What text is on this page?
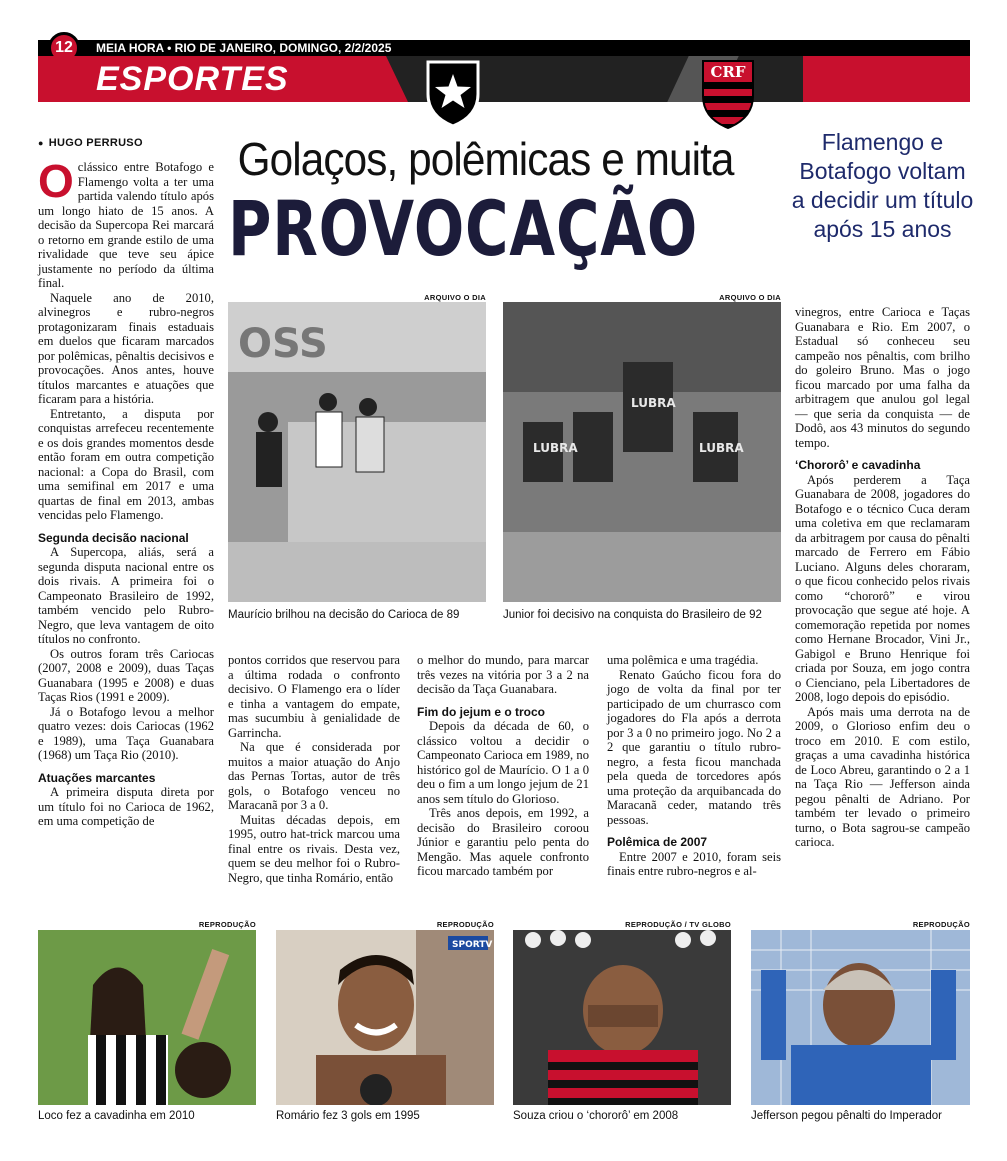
12	MEIA HORA • RIO DE JANEIRO, DOMINGO, 2/2/2025
ESPORTES	CRF
● HUGO PERRUSO Golaços, polêmicas e muita
PROVOCAÇÃO
Flamengo e Botafogo voltam a decidir um título após 15 anos

Oclássico entre Botafogo e Flamengo volta a ter uma partida valendo título após um longo hiato de 15 anos. A decisão da Supercopa Rei marcará o retorno em grande estilo de uma rivalidade que teve seu ápice justamente no período da última final.

Naquele ano de 2010, alvinegros e rubro-negros protagonizaram finais estaduais em duelos que ficaram marcados por polêmicas, pênaltis decisivos e provocações. Anos antes, houve títulos marcantes e atuações que ficaram para a história.

Entretanto, a disputa por conquistas arrefeceu recentemente e os dois grandes momentos desde então foram em outra competição nacional: a Copa do Brasil, com uma semifinal em 2017 e uma quartas de final em 2013, ambas vencidas pelo Flamengo.

Segunda decisão nacional

A Supercopa, aliás, será a segunda disputa nacional entre os dois rivais. A primeira foi o Campeonato Brasileiro de 1992, também vencido pelo Rubro-Negro, que leva vantagem de oito títulos no confronto.

Os outros foram três Cariocas (2007, 2008 e 2009), duas Taças Guanabara (1995 e 2008) e duas Taças Rios (1991 e 2009).

Já o Botafogo levou a melhor quatro vezes: dois Cariocas (1962 e 1989), uma Taça Guanabara (1968) um Taça Rio (2010).

Atuações marcantes

A primeira disputa direta por um título foi no Carioca de 1962, em uma competição de

ARQUIVO O DIA
OSS
Maurício brilhou na decisão do Carioca de 89
ARQUIVO O DIA
LUBRA
LUBRA
LUBRA
Junior foi decisivo na conquista do Brasileiro de 92

pontos corridos que reservou para a última rodada o confronto decisivo. O Flamengo era o líder e tinha a vantagem do empate, mas sucumbiu à genialidade de Garrincha.

Na que é considerada por muitos a maior atuação do Anjo das Pernas Tortas, autor de três gols, o Botafogo venceu no Maracanã por 3 a 0.

Muitas décadas depois, em 1995, outro hat-trick marcou uma final entre os rivais. Desta vez, quem se deu melhor foi o Rubro-Negro, que tinha Romário, então

o melhor do mundo, para marcar três vezes na vitória por 3 a 2 na decisão da Taça Guanabara.

Fim do jejum e o troco

Depois da década de 60, o clássico voltou a decidir o Campeonato Carioca em 1989, no histórico gol de Maurício. O 1 a 0 deu o fim a um longo jejum de 21 anos sem título do Glorioso.

Três anos depois, em 1992, a decisão do Brasileiro coroou Júnior e garantiu pelo penta do Mengão. Mas aquele confronto ficou marcado também por

uma polêmica e uma tragédia.

Renato Gaúcho ficou fora do jogo de volta da final por ter participado de um churrasco com jogadores do Fla após a derrota por 3 a 0 no primeiro jogo. No 2 a 2 que garantiu o título rubro-negro, a festa ficou manchada pela queda de torcedores após uma proteção da arquibancada do Maracanã ceder, matando três pessoas.

Polêmica de 2007

Entre 2007 e 2010, foram seis finais entre rubro-negros e al-

vinegros, entre Carioca e Taças Guanabara e Rio. Em 2007, o Estadual só conheceu seu campeão nos pênaltis, com brilho do goleiro Bruno. Mas o jogo ficou marcado por uma falha da arbitragem que anulou gol legal — que seria da conquista — de Dodô, aos 43 minutos do segundo tempo.

‘Chororô’ e cavadinha

Após perderem a Taça Guanabara de 2008, jogadores do Botafogo e o técnico Cuca deram uma coletiva em que reclamaram da arbitragem por causa do pênalti marcado de Ferrero em Fábio Luciano. Alguns deles choraram, o que ficou conhecido pelos rivais como “chororô” e virou provocação que segue até hoje. A comemoração repetida por nomes como Hernane Brocador, Vini Jr., Gabigol e Bruno Henrique foi criada por Souza, em jogo contra o Cienciano, pela Libertadores de 2008, logo depois do episódio.

Após mais uma derrota na de 2009, o Glorioso enfim deu o troco em 2010. E com estilo, graças a uma cavadinha histórica de Loco Abreu, garantindo o 2 a 1 na Taça Rio — Jefferson ainda pegou pênalti de Adriano. Por também ter levado o primeiro turno, o Bota sagrou-se campeão carioca.

REPRODUÇÃO
Loco fez a cavadinha em 2010
REPRODUÇÃO
SPORTV
Romário fez 3 gols em 1995
REPRODUÇÃO / TV GLOBO
Souza criou o ‘chororô’ em 2008
REPRODUÇÃO
Jefferson pegou pênalti do Imperador
